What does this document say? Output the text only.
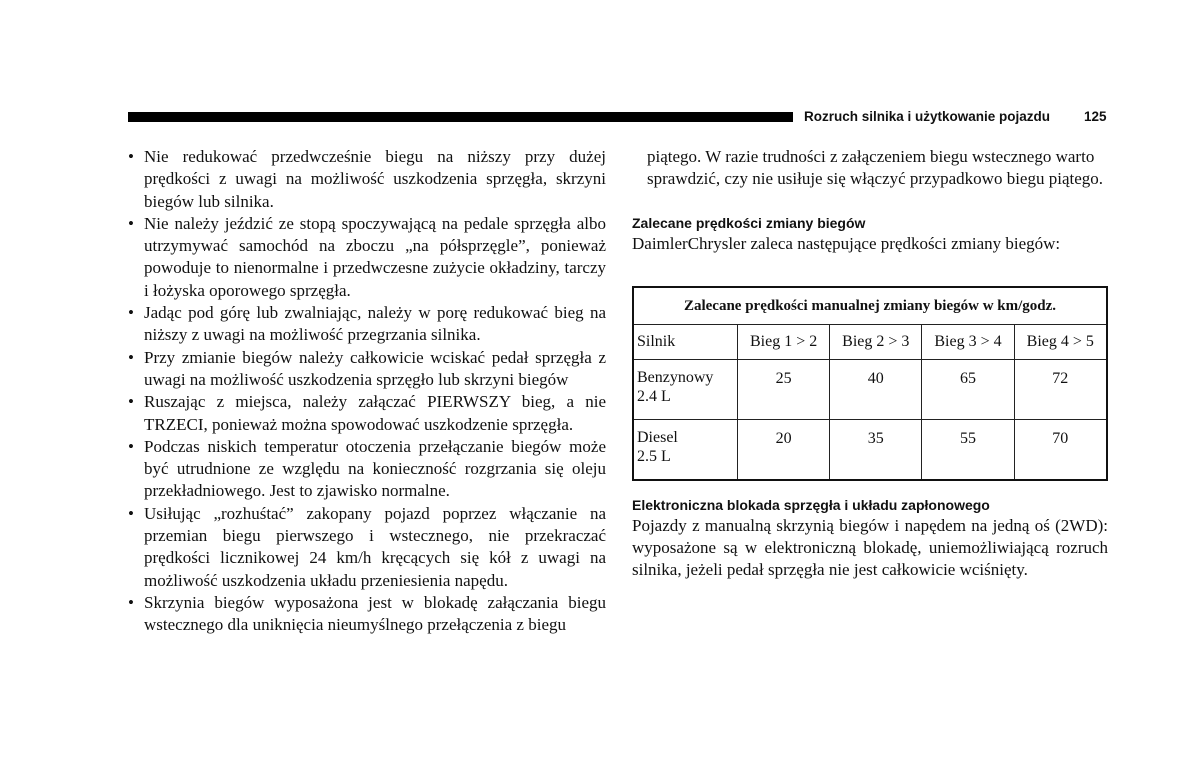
Rozruch silnika i użytkowanie pojazdu	125
• Nie redukować przedwcześnie biegu na niższy przy dużej prędkości z uwagi na możliwość uszkodzenia sprzęgła, skrzyni biegów lub silnika.
• Nie należy jeździć ze stopą spoczywającą na pedale sprzęgła albo utrzymywać samochód na zboczu „na półsprzęgle”, ponieważ powoduje to nienormalne i przedwczesne zużycie okładziny, tarczy i łożyska oporowego sprzęgła.
• Jadąc pod górę lub zwalniając, należy w porę redukować bieg na niższy z uwagi na możliwość przegrzania silnika.
• Przy zmianie biegów należy całkowicie wciskać pedał sprzęgła z uwagi na możliwość uszkodzenia sprzęgło lub skrzyni biegów
• Ruszając z miejsca, należy załączać PIERWSZY bieg, a nie TRZECI, ponieważ można spowodować uszkodzenie sprzęgła.
• Podczas niskich temperatur otoczenia przełączanie biegów może być utrudnione ze względu na konieczność rozgrzania się oleju przekładniowego. Jest to zjawisko normalne.
• Usiłując „rozhuśtać” zakopany pojazd poprzez włączanie na przemian biegu pierwszego i wstecznego, nie przekraczać prędkości licznikowej 24 km/h kręcących się kół z uwagi na możliwość uszkodzenia układu przeniesienia napędu.
• Skrzynia biegów wyposażona jest w blokadę załączania biegu wstecznego dla uniknięcia nieumyślnego przełączenia z biegu

piątego. W razie trudności z załączeniem biegu wstecznego warto sprawdzić, czy nie usiłuje się włączyć przypadkowo biegu piątego.

Zalecane prędkości zmiany biegów

DaimlerChrysler zaleca następujące prędkości zmiany biegów:

Zalecane prędkości manualnej zmiany biegów w km/godz.				
Silnik	Bieg 1 > 2	Bieg 2 > 3	Bieg 3 > 4	Bieg 4 > 5
Benzynowy
2.4 L	25	40	65	72
Diesel
2.5 L	20	35	55	70
Elektroniczna blokada sprzęgła i układu zapłonowego

Pojazdy z manualną skrzynią biegów i napędem na jedną oś (2WD): wyposażone są w elektroniczną blokadę, uniemożliwiającą rozruch silnika, jeżeli pedał sprzęgła nie jest całkowicie wciśnięty.
